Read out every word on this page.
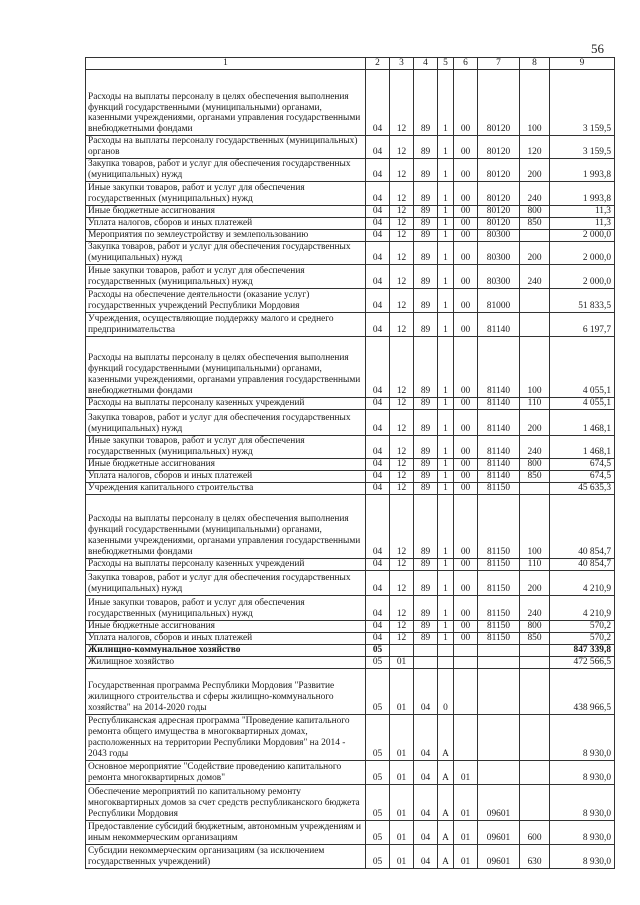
56
1	2	3	4	5	6	7	8	9
Расходы на выплаты персоналу в целях обеспечения выполнения функций государственными (муниципальными) органами, казенными учреждениями, органами управления государственными внебюджетными фондами	04	12	89	1	00	80120	100	3 159,5
Расходы на выплаты персоналу государственных (муниципальных) органов	04	12	89	1	00	80120	120	3 159,5
Закупка товаров, работ и услуг для обеспечения государственных (муниципальных) нужд	04	12	89	1	00	80120	200	1 993,8
Иные закупки товаров, работ и услуг для обеспечения государственных (муниципальных) нужд	04	12	89	1	00	80120	240	1 993,8
Иные бюджетные ассигнования	04	12	89	1	00	80120	800	11,3
Уплата налогов, сборов и иных платежей	04	12	89	1	00	80120	850	11,3
Мероприятия по землеустройству и землепользованию	04	12	89	1	00	80300		2 000,0
Закупка товаров, работ и услуг для обеспечения государственных (муниципальных) нужд	04	12	89	1	00	80300	200	2 000,0
Иные закупки товаров, работ и услуг для обеспечения государственных (муниципальных) нужд	04	12	89	1	00	80300	240	2 000,0
Расходы на обеспечение деятельности (оказание услуг) государственных учреждений Республики Мордовия	04	12	89	1	00	81000		51 833,5
Учреждения, осуществляющие поддержку малого и среднего предпринимательства	04	12	89	1	00	81140		6 197,7
Расходы на выплаты персоналу в целях обеспечения выполнения функций государственными (муниципальными) органами, казенными учреждениями, органами управления государственными внебюджетными фондами	04	12	89	1	00	81140	100	4 055,1
Расходы на выплаты персоналу казенных учреждений	04	12	89	1	00	81140	110	4 055,1
Закупка товаров, работ и услуг для обеспечения государственных (муниципальных) нужд	04	12	89	1	00	81140	200	1 468,1
Иные закупки товаров, работ и услуг для обеспечения государственных (муниципальных) нужд	04	12	89	1	00	81140	240	1 468,1
Иные бюджетные ассигнования	04	12	89	1	00	81140	800	674,5
Уплата налогов, сборов и иных платежей	04	12	89	1	00	81140	850	674,5
Учреждения капитального строительства	04	12	89	1	00	81150		45 635,3
Расходы на выплаты персоналу в целях обеспечения выполнения функций государственными (муниципальными) органами, казенными учреждениями, органами управления государственными внебюджетными фондами	04	12	89	1	00	81150	100	40 854,7
Расходы на выплаты персоналу казенных учреждений	04	12	89	1	00	81150	110	40 854,7
Закупка товаров, работ и услуг для обеспечения государственных (муниципальных) нужд	04	12	89	1	00	81150	200	4 210,9
Иные закупки товаров, работ и услуг для обеспечения государственных (муниципальных) нужд	04	12	89	1	00	81150	240	4 210,9
Иные бюджетные ассигнования	04	12	89	1	00	81150	800	570,2
Уплата налогов, сборов и иных платежей	04	12	89	1	00	81150	850	570,2
Жилищно-коммунальное хозяйство	05							847 339,8
Жилищное хозяйство	05	01						472 566,5
Государственная программа Республики Мордовия "Развитие жилищного строительства и сферы жилищно-коммунального хозяйства" на 2014-2020 годы	05	01	04	0				438 966,5
Республиканская адресная программа "Проведение капитального ремонта общего имущества в многоквартирных домах, расположенных на территории Республики Мордовия" на 2014 - 2043 годы	05	01	04	А				8 930,0
Основное мероприятие "Содействие проведению капитального ремонта многоквартирных домов"	05	01	04	А	01			8 930,0
Обеспечение мероприятий по капитальному ремонту многоквартирных домов за счет средств республиканского бюджета Республики Мордовия	05	01	04	А	01	09601		8 930,0
Предоставление субсидий бюджетным, автономным учреждениям и иным некоммерческим организациям	05	01	04	А	01	09601	600	8 930,0
Субсидии некоммерческим организациям (за исключением государственных учреждений)	05	01	04	А	01	09601	630	8 930,0
